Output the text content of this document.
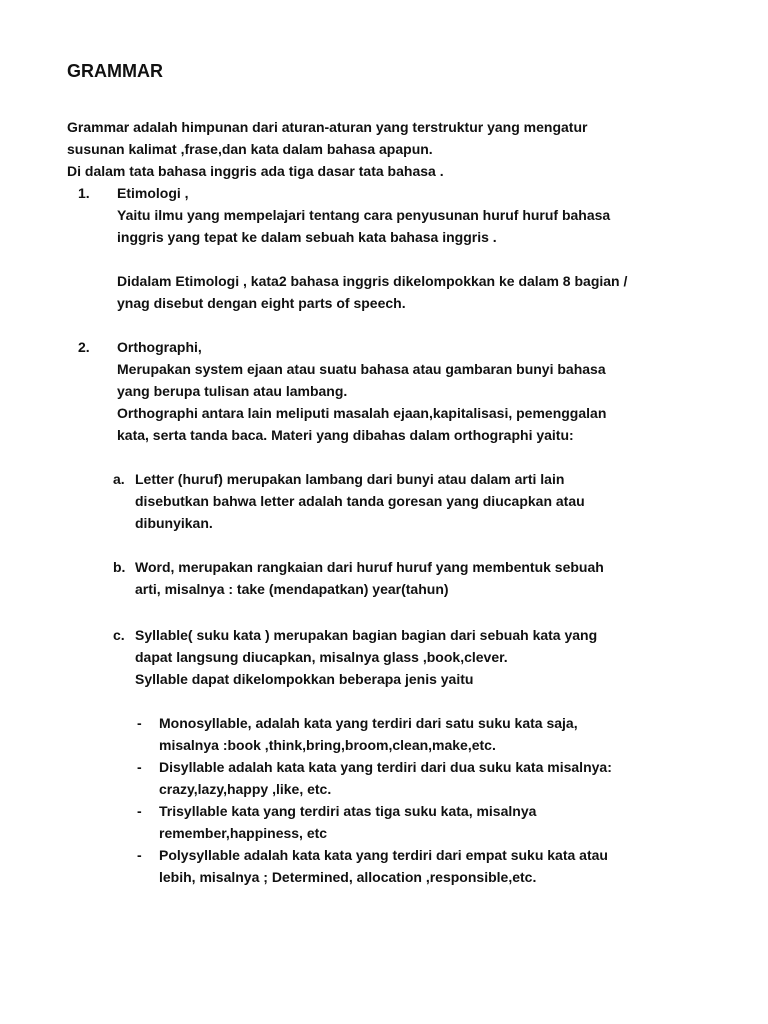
GRAMMAR
Grammar adalah himpunan dari aturan-aturan yang terstruktur yang mengatur
susunan kalimat ,frase,dan kata dalam bahasa apapun.
Di dalam tata bahasa inggris ada tiga dasar tata bahasa .
1. Etimologi ,
Yaitu ilmu yang mempelajari tentang cara penyusunan huruf huruf bahasa
inggris yang tepat ke dalam sebuah kata bahasa inggris .
Didalam Etimologi , kata2 bahasa inggris dikelompokkan ke dalam 8 bagian /
ynag disebut dengan eight parts of speech.
2. Orthographi,
Merupakan system ejaan atau suatu bahasa atau gambaran bunyi bahasa
yang berupa tulisan atau lambang.
Orthographi antara lain meliputi masalah ejaan,kapitalisasi, pemenggalan
kata, serta tanda baca. Materi yang dibahas dalam orthographi yaitu:
a. Letter (huruf) merupakan lambang dari bunyi atau dalam arti lain
disebutkan bahwa letter adalah tanda goresan yang diucapkan atau
dibunyikan.
b. Word, merupakan rangkaian dari huruf huruf yang membentuk sebuah
arti, misalnya : take (mendapatkan) year(tahun)
c. Syllable( suku kata ) merupakan bagian bagian dari sebuah kata yang
dapat langsung diucapkan, misalnya glass ,book,clever.
Syllable dapat dikelompokkan beberapa jenis yaitu
- Monosyllable, adalah kata yang terdiri dari satu suku kata saja,
misalnya :book ,think,bring,broom,clean,make,etc.
- Disyllable adalah kata kata yang terdiri dari dua suku kata misalnya:
crazy,lazy,happy ,like, etc.
- Trisyllable kata yang terdiri atas tiga suku kata, misalnya
remember,happiness, etc
- Polysyllable adalah kata kata yang terdiri dari empat suku kata atau
lebih, misalnya ; Determined, allocation ,responsible,etc.
